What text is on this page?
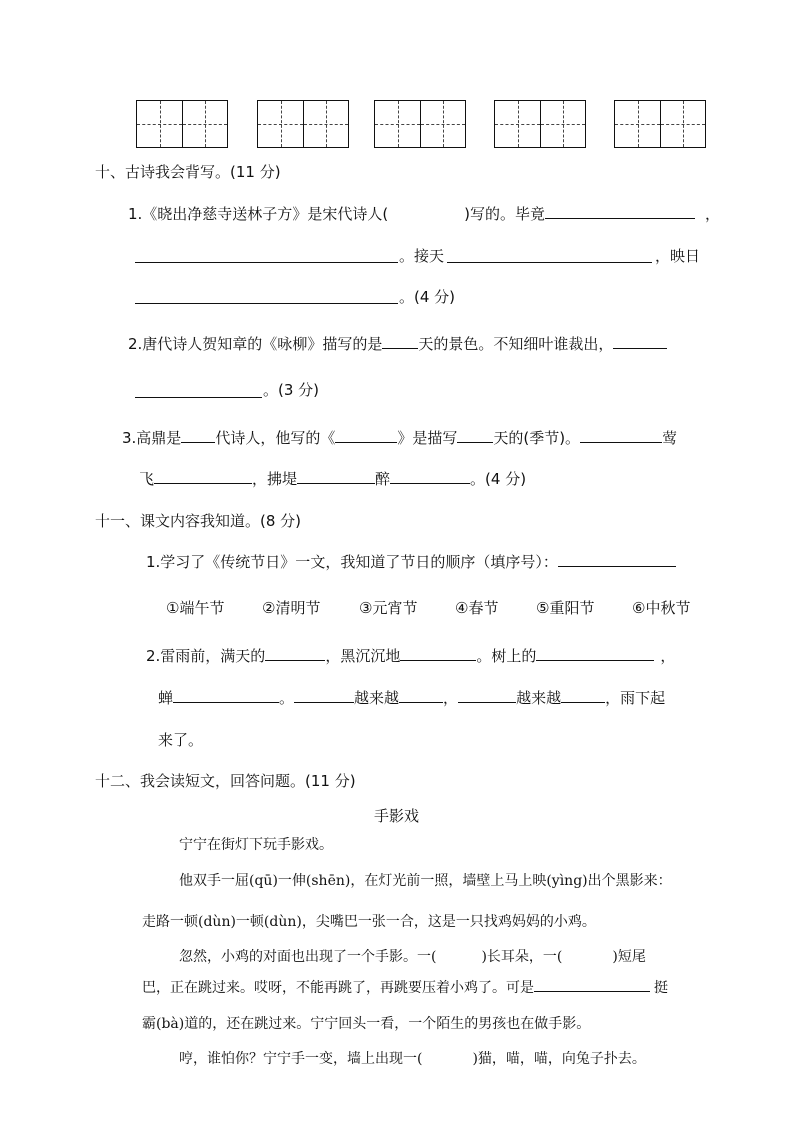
十、古诗我会背写。(11 分)
1.《晓出净慈寺送林子方》是宋代诗人(	)写的。毕竟	，
。接天	，映日
。(4 分)
2.唐代诗人贺知章的《咏柳》描写的是 天的景色。不知细叶谁裁出，
。(3 分)
3.高鼎是 代诗人，他写的《	》是描写 天的(季节)。	莺
飞	，拂堤	醉	。(4 分)
十一、课文内容我知道。(8 分)
1.学习了《传统节日》一文，我知道了节日的顺序（填序号）：
①端午节	②清明节	③元宵节	④春节	⑤重阳节	⑥中秋节
2.雷雨前，满天的	，黑沉沉地	。树上的	，
蝉	。	越来越	，	越来越	，雨下起
来了。
十二、我会读短文，回答问题。(11 分)
手影戏
宁宁在街灯下玩手影戏。
他双手一屈(qū)一伸(shēn)，在灯光前一照，墙壁上马上映(yìng)出个黑影来：
走路一顿(dùn)一顿(dùn)，尖嘴巴一张一合，这是一只找鸡妈妈的小鸡。
忽然，小鸡的对面也出现了一个手影。一(	)长耳朵，一(	)短尾
巴，正在跳过来。哎呀，不能再跳了，再跳要压着小鸡了。可是	挺
霸(bà)道的，还在跳过来。宁宁回头一看，一个陌生的男孩也在做手影。
哼，谁怕你？宁宁手一变，墙上出现一(	)猫，喵，喵，向兔子扑去。
